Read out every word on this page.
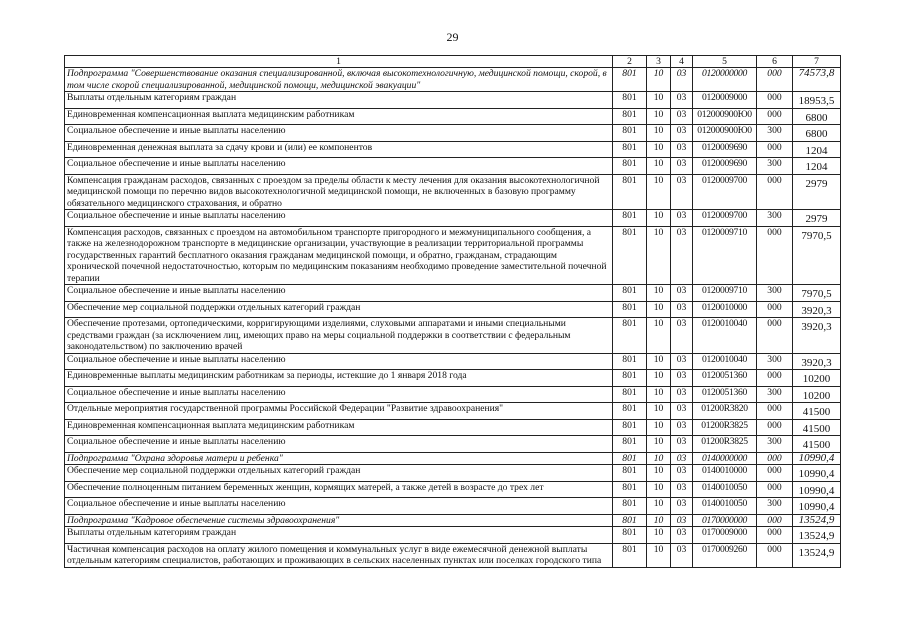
29
1	2	3	4	5	6	7
Подпрограмма "Совершенствование оказания специализированной, включая высокотехнологичную, медицинской помощи, скорой, в том числе скорой специализированной, медицинской помощи, медицинской эвакуации"	801	10	03	0120000000	000	74573,8
Выплаты отдельным категориям граждан	801	10	03	0120009000	000	18953,5
Единовременная компенсационная выплата медицинским работникам	801	10	03	012000900Ю0	000	6800
Социальное обеспечение и иные выплаты населению	801	10	03	012000900Ю0	300	6800
Единовременная денежная выплата за сдачу крови и (или) ее компонентов	801	10	03	0120009690	000	1204
Социальное обеспечение и иные выплаты населению	801	10	03	0120009690	300	1204
Компенсация гражданам расходов, связанных с проездом за пределы области к месту лечения для оказания высокотехнологичной медицинской помощи по перечню видов высокотехнологичной медицинской помощи, не включенных в базовую программу обязательного медицинского страхования, и обратно	801	10	03	0120009700	000	2979
Социальное обеспечение и иные выплаты населению	801	10	03	0120009700	300	2979
Компенсация расходов, связанных с проездом на автомобильном транспорте пригородного и межмуниципального сообщения, а также на железнодорожном транспорте в медицинские организации, участвующие в реализации территориальной программы государственных гарантий бесплатного оказания гражданам медицинской помощи, и обратно, гражданам, страдающим хронической почечной недостаточностью, которым по медицинским показаниям необходимо проведение заместительной почечной терапии	801	10	03	0120009710	000	7970,5
Социальное обеспечение и иные выплаты населению	801	10	03	0120009710	300	7970,5
Обеспечение мер социальной поддержки отдельных категорий граждан	801	10	03	0120010000	000	3920,3
Обеспечение протезами, ортопедическими, корригирующими изделиями, слуховыми аппаратами и иными специальными средствами граждан (за исключением лиц, имеющих право на меры социальной поддержки в соответствии с федеральным законодательством) по заключению врачей	801	10	03	0120010040	000	3920,3
Социальное обеспечение и иные выплаты населению	801	10	03	0120010040	300	3920,3
Единовременные выплаты медицинским работникам за периоды, истекшие до 1 января 2018 года	801	10	03	0120051360	000	10200
Социальное обеспечение и иные выплаты населению	801	10	03	0120051360	300	10200
Отдельные мероприятия государственной программы Российской Федерации "Развитие здравоохранения"	801	10	03	01200R3820	000	41500
Единовременная компенсационная выплата медицинским работникам	801	10	03	01200R3825	000	41500
Социальное обеспечение и иные выплаты населению	801	10	03	01200R3825	300	41500
Подпрограмма "Охрана здоровья матери и ребенка"	801	10	03	0140000000	000	10990,4
Обеспечение мер социальной поддержки отдельных категорий граждан	801	10	03	0140010000	000	10990,4
Обеспечение полноценным питанием беременных женщин, кормящих матерей, а также детей в возрасте до трех лет	801	10	03	0140010050	000	10990,4
Социальное обеспечение и иные выплаты населению	801	10	03	0140010050	300	10990,4
Подпрограмма "Кадровое обеспечение системы здравоохранения"	801	10	03	0170000000	000	13524,9
Выплаты отдельным категориям граждан	801	10	03	0170009000	000	13524,9
Частичная компенсация расходов на оплату жилого помещения и коммунальных услуг в виде ежемесячной денежной выплаты отдельным категориям специалистов, работающих и проживающих в сельских населенных пунктах или поселках городского типа	801	10	03	0170009260	000	13524,9
